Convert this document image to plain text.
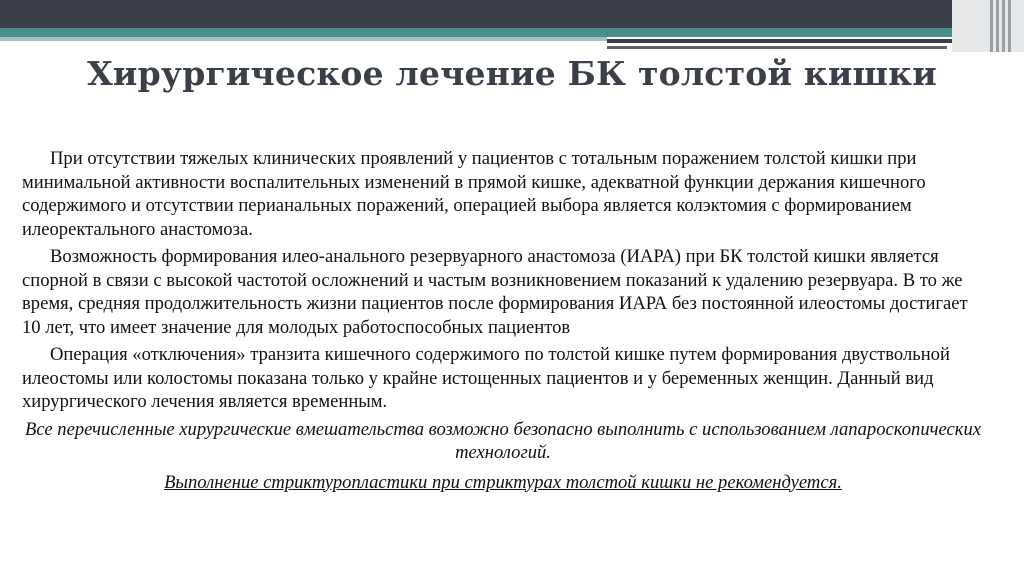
Хирургическое лечение БК толстой кишки

При отсутствии тяжелых клинических проявлений у пациентов с тотальным поражением толстой кишки при минимальной активности воспалительных изменений в прямой кишке, адекватной функции держания кишечного содержимого и отсутствии перианальных поражений, операцией выбора является колэктомия с формированием илеоректального анастомоза.

Возможность формирования илео-анального резервуарного анастомоза (ИАРА) при БК толстой кишки является спорной в связи с высокой частотой осложнений и частым возникновением показаний к удалению резервуара. В то же время, средняя продолжительность жизни пациентов после формирования ИАРА без постоянной илеостомы достигает 10 лет, что имеет значение для молодых работоспособных пациентов

Операция «отключения» транзита кишечного содержимого по толстой кишке путем формирования двуствольной илеостомы или колостомы показана только у крайне истощенных пациентов и у беременных женщин. Данный вид хирургического лечения является временным.

Все перечисленные хирургические вмешательства возможно безопасно выполнить с использованием лапароскопических технологий.

Выполнение стриктуропластики при стриктурах толстой кишки не рекомендуется.
